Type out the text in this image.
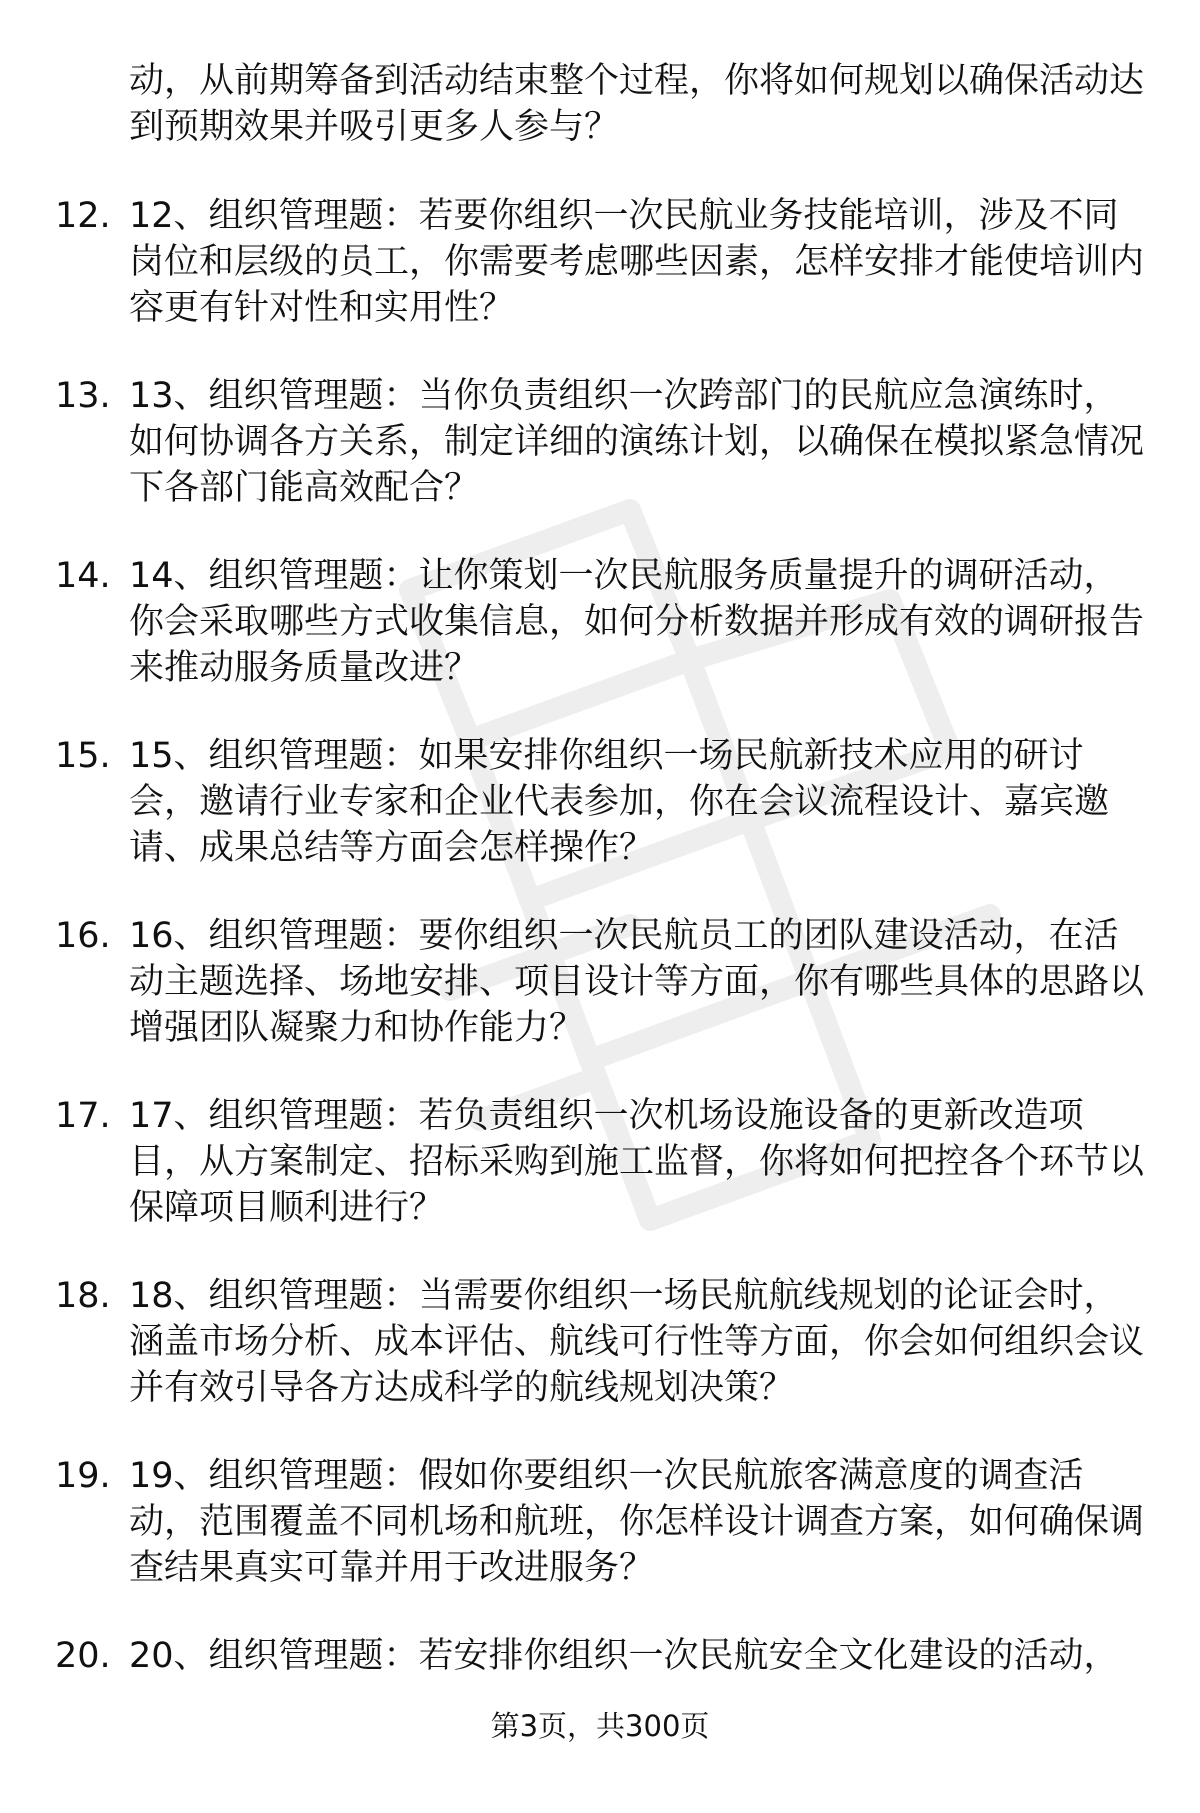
动，从前期筹备到活动结束整个过程，你将如何规划以确保活动达到预期效果并吸引更多人参与？
12. 12、组织管理题：若要你组织一次民航业务技能培训，涉及不同岗位和层级的员工，你需要考虑哪些因素，怎样安排才能使培训内容更有针对性和实用性？
13. 13、组织管理题：当你负责组织一次跨部门的民航应急演练时，如何协调各方关系，制定详细的演练计划，以确保在模拟紧急情况下各部门能高效配合？
14. 14、组织管理题：让你策划一次民航服务质量提升的调研活动，你会采取哪些方式收集信息，如何分析数据并形成有效的调研报告来推动服务质量改进？
15. 15、组织管理题：如果安排你组织一场民航新技术应用的研讨会，邀请行业专家和企业代表参加，你在会议流程设计、嘉宾邀请、成果总结等方面会怎样操作？
16. 16、组织管理题：要你组织一次民航员工的团队建设活动，在活动主题选择、场地安排、项目设计等方面，你有哪些具体的思路以增强团队凝聚力和协作能力？
17. 17、组织管理题：若负责组织一次机场设施设备的更新改造项目，从方案制定、招标采购到施工监督，你将如何把控各个环节以保障项目顺利进行？
18. 18、组织管理题：当需要你组织一场民航航线规划的论证会时，涵盖市场分析、成本评估、航线可行性等方面，你会如何组织会议并有效引导各方达成科学的航线规划决策？
19. 19、组织管理题：假如你要组织一次民航旅客满意度的调查活动，范围覆盖不同机场和航班，你怎样设计调查方案，如何确保调查结果真实可靠并用于改进服务？
20. 20、组织管理题：若安排你组织一次民航安全文化建设的活动，
第3页，共300页
